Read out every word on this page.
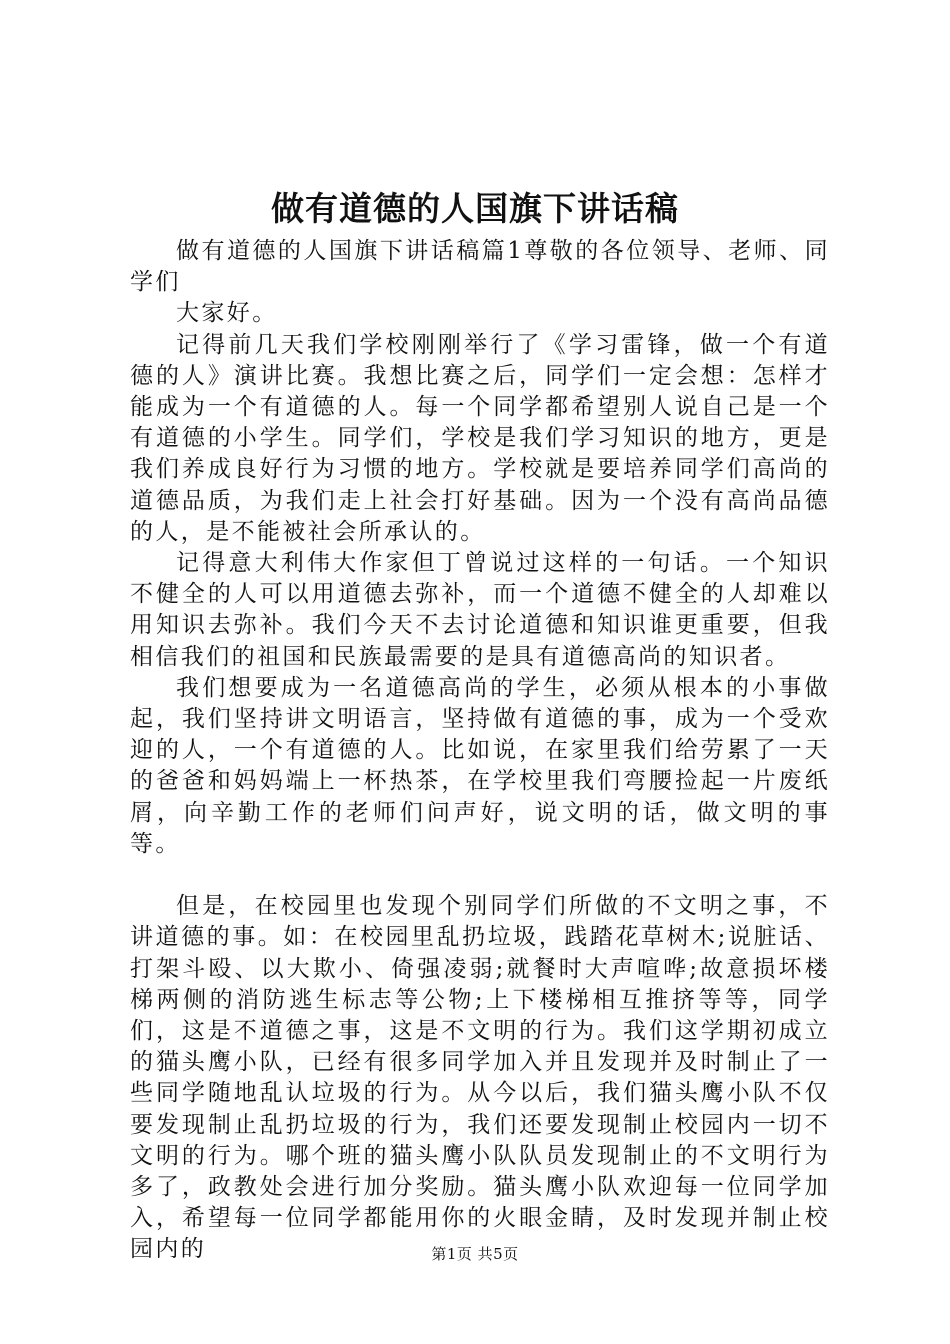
做有道德的人国旗下讲话稿

做有道德的人国旗下讲话稿篇1尊敬的各位领导、老师、同学们

大家好。

记得前几天我们学校刚刚举行了《学习雷锋，做一个有道德的人》演讲比赛。我想比赛之后，同学们一定会想：怎样才能成为一个有道德的人。每一个同学都希望别人说自己是一个有道德的小学生。同学们，学校是我们学习知识的地方，更是我们养成良好行为习惯的地方。学校就是要培养同学们高尚的道德品质，为我们走上社会打好基础。因为一个没有高尚品德的人，是不能被社会所承认的。

记得意大利伟大作家但丁曾说过这样的一句话。一个知识不健全的人可以用道德去弥补，而一个道德不健全的人却难以用知识去弥补。我们今天不去讨论道德和知识谁更重要，但我相信我们的祖国和民族最需要的是具有道德高尚的知识者。

我们想要成为一名道德高尚的学生，必须从根本的小事做起，我们坚持讲文明语言，坚持做有道德的事，成为一个受欢迎的人，一个有道德的人。比如说，在家里我们给劳累了一天的爸爸和妈妈端上一杯热茶，在学校里我们弯腰捡起一片废纸屑，向辛勤工作的老师们问声好，说文明的话，做文明的事等。

但是，在校园里也发现个别同学们所做的不文明之事，不讲道德的事。如：在校园里乱扔垃圾，践踏花草树木;说脏话、打架斗殴、以大欺小、倚强凌弱;就餐时大声喧哗;故意损坏楼梯两侧的消防逃生标志等公物;上下楼梯相互推挤等等，同学们，这是不道德之事，这是不文明的行为。我们这学期初成立的猫头鹰小队，已经有很多同学加入并且发现并及时制止了一些同学随地乱认垃圾的行为。从今以后，我们猫头鹰小队不仅要发现制止乱扔垃圾的行为，我们还要发现制止校园内一切不文明的行为。哪个班的猫头鹰小队队员发现制止的不文明行为多了，政教处会进行加分奖励。猫头鹰小队欢迎每一位同学加入，希望每一位同学都能用你的火眼金睛，及时发现并制止校园内的	第1页 共5页
